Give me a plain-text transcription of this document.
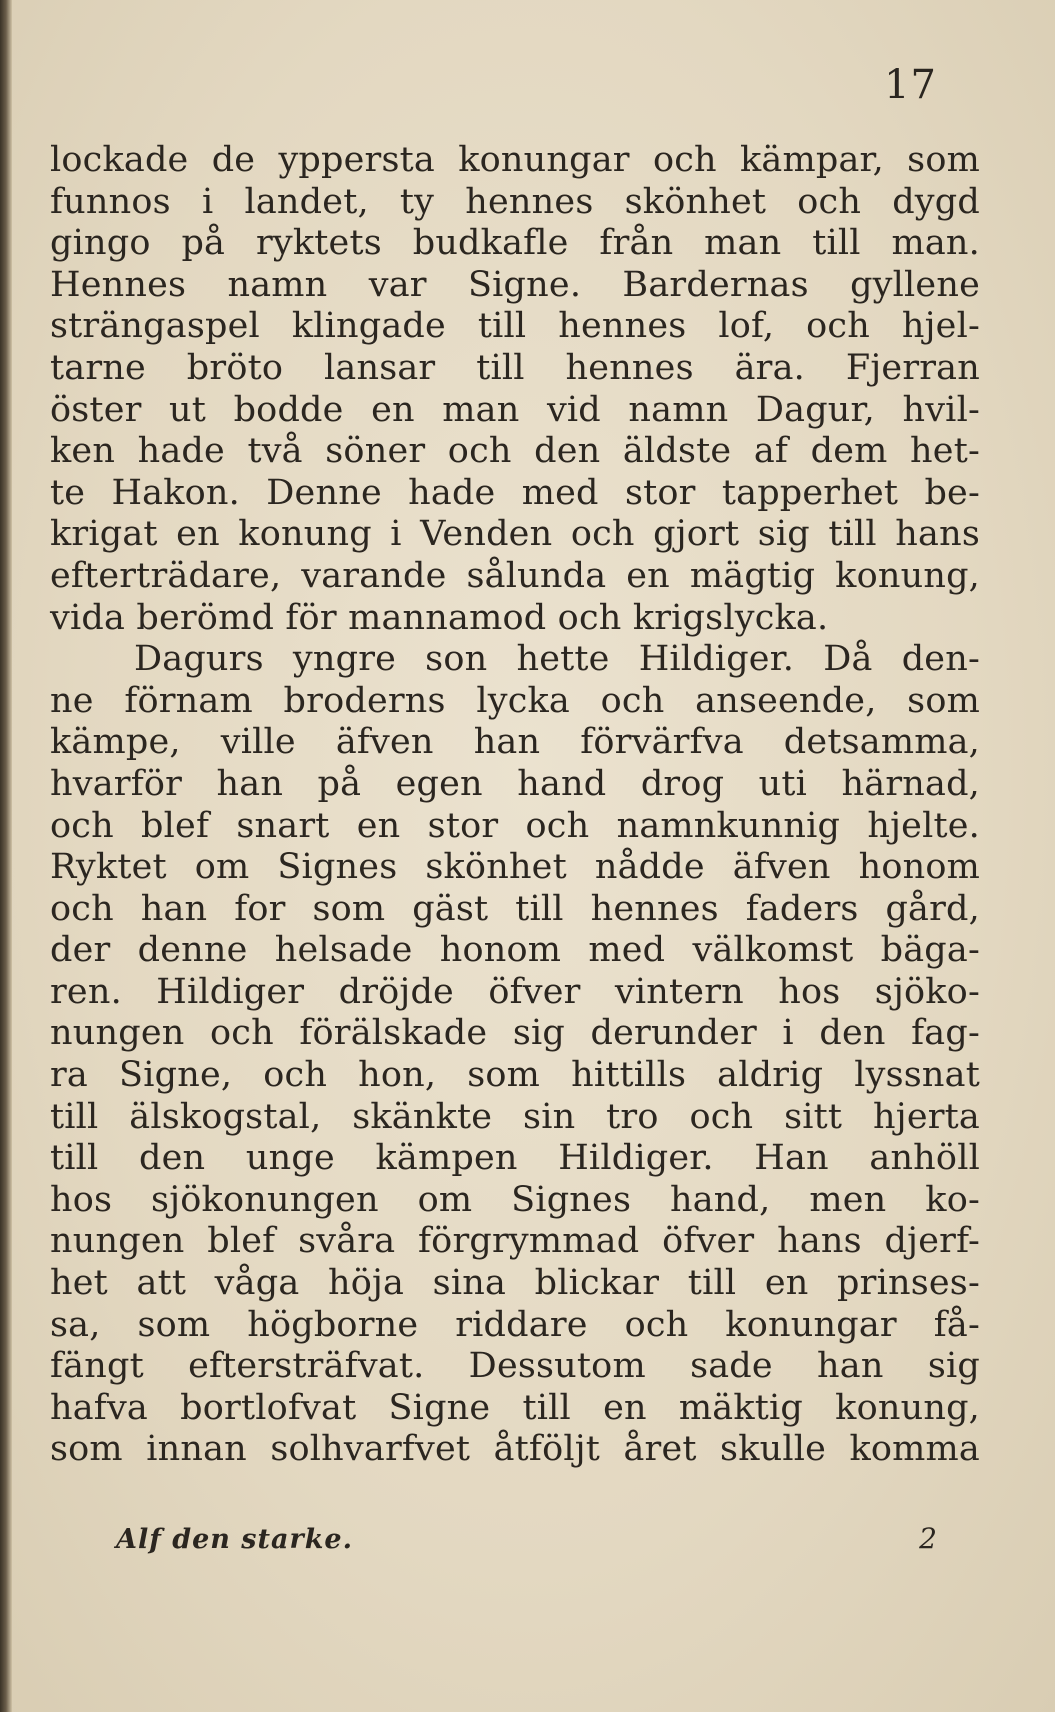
17
lockade de yppersta konungar och kämpar, som
funnos i landet, ty hennes skönhet och dygd
gingo på ryktets budkafle från man till man.
Hennes namn var Signe. Bardernas gyllene
strängaspel klingade till hennes lof, och hjel-
tarne bröto lansar till hennes ära. Fjerran
öster ut bodde en man vid namn Dagur, hvil-
ken hade två söner och den äldste af dem het-
te Hakon. Denne hade med stor tapperhet be-
krigat en konung i Venden och gjort sig till hans
efterträdare, varande sålunda en mägtig konung,
vida berömd för mannamod och krigslycka.
Dagurs yngre son hette Hildiger. Då den-
ne förnam broderns lycka och anseende, som
kämpe, ville äfven han förvärfva detsamma,
hvarför han på egen hand drog uti härnad,
och blef snart en stor och namnkunnig hjelte.
Ryktet om Signes skönhet nådde äfven honom
och han for som gäst till hennes faders gård,
der denne helsade honom med välkomst bäga-
ren. Hildiger dröjde öfver vintern hos sjöko-
nungen och förälskade sig derunder i den fag-
ra Signe, och hon, som hittills aldrig lyssnat
till älskogstal, skänkte sin tro och sitt hjerta
till den unge kämpen Hildiger. Han anhöll
hos sjökonungen om Signes hand, men ko-
nungen blef svåra förgrymmad öfver hans djerf-
het att våga höja sina blickar till en prinses-
sa, som högborne riddare och konungar få-
fängt eftersträfvat. Dessutom sade han sig
hafva bortlofvat Signe till en mäktig konung,
som innan solhvarfvet åtföljt året skulle komma
Alf den starke.	2
